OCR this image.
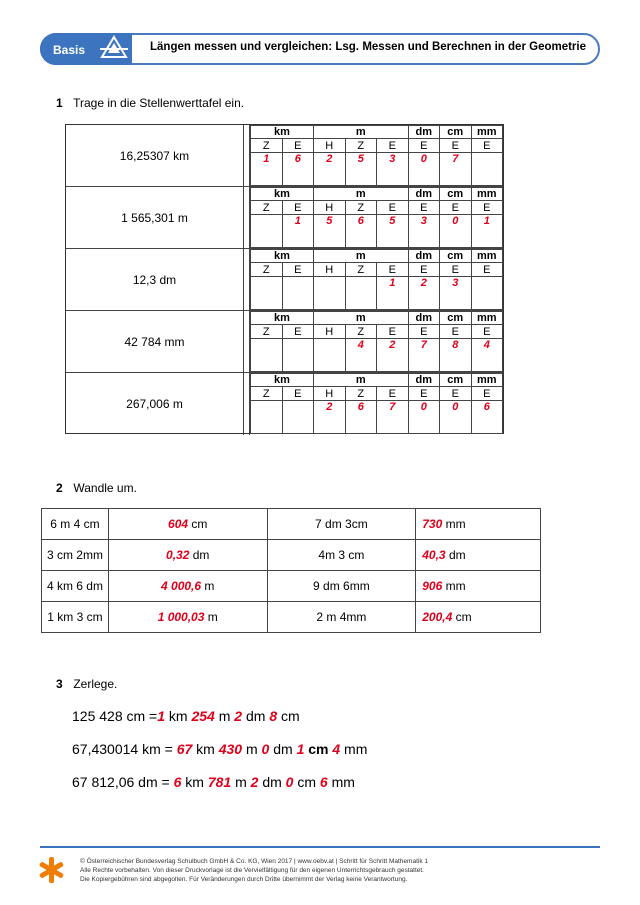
Basis	Längen messen und vergleichen: Lsg. Messen und Berechnen in der Geometrie
1 Trage in die Stellenwerttafel ein.
16,25307 km
km		m			dm	cm	mm
Z	E	H	Z	E	E	E	E
1	6	2	5	3	0	7	
1 565,301 m
km		m			dm	cm	mm
Z	E	H	Z	E	E	E	E
	1	5	6	5	3	0	1
12,3 dm
km		m			dm	cm	mm
Z	E	H	Z	E	E	E	E
				1	2	3	
42 784 mm
km		m			dm	cm	mm
Z	E	H	Z	E	E	E	E
			4	2	7	8	4
267,006 m
km		m			dm	cm	mm
Z	E	H	Z	E	E	E	E
		2	6	7	0	0	6
2 Wandle um.
6 m 4 cm	604 cm	7 dm 3cm	730 mm
3 cm 2mm	0,32 dm	4m 3 cm	40,3 dm
4 km 6 dm	4 000,6 m	9 dm 6mm	906 mm
1 km 3 cm	1 000,03 m	2 m 4mm	200,4 cm
3 Zerlege.
125 428 cm =1 km 254 m 2 dm 8 cm
67,430014 km = 67 km 430 m 0 dm 1 cm 4 mm
67 812,06 dm = 6 km 781 m 2 dm 0 cm 6 mm
© Österreichischer Bundesverlag Schulbuch GmbH & Co. KG, Wien 2017 | www.oebv.at | Schritt für Schritt Mathematik 1
Alle Rechte vorbehalten. Von dieser Druckvorlage ist die Vervielfältigung für den eigenen Unterrichtsgebrauch gestattet.
Die Kopiergebühren sind abgegolten. Für Veränderungen durch Dritte übernimmt der Verlag keine Verantwortung.
